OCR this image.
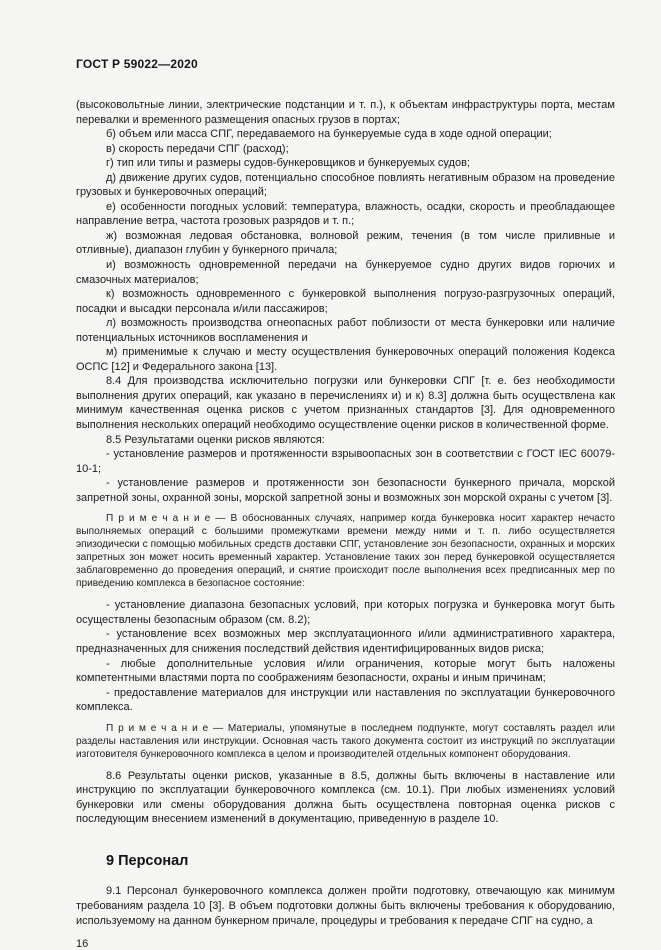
ГОСТ Р 59022—2020

(высоковольтные линии, электрические подстанции и т. п.), к объектам инфраструктуры порта, местам перевалки и временного размещения опасных грузов в портах;

б) объем или масса СПГ, передаваемого на бункеруемые суда в ходе одной операции;

в) скорость передачи СПГ (расход);

г) тип или типы и размеры судов-бункеровщиков и бункеруемых судов;

д) движение других судов, потенциально способное повлиять негативным образом на проведение грузовых и бункеровочных операций;

е) особенности погодных условий: температура, влажность, осадки, скорость и преобладающее направление ветра, частота грозовых разрядов и т. п.;

ж) возможная ледовая обстановка, волновой режим, течения (в том числе приливные и отливные), диапазон глубин у бункерного причала;

и) возможность одновременной передачи на бункеруемое судно других видов горючих и смазочных материалов;

к) возможность одновременного с бункеровкой выполнения погрузо-разгрузочных операций, посадки и высадки персонала и/или пассажиров;

л) возможность производства огнеопасных работ поблизости от места бункеровки или наличие потенциальных источников воспламенения и

м) применимые к случаю и месту осуществления бункеровочных операций положения Кодекса ОСПС [12] и Федерального закона [13].

8.4 Для производства исключительно погрузки или бункеровки СПГ [т. е. без необходимости выполнения других операций, как указано в перечислениях и) и к) 8.3] должна быть осуществлена как минимум качественная оценка рисков с учетом признанных стандартов [3]. Для одновременного выполнения нескольких операций необходимо осуществление оценки рисков в количественной форме.

8.5 Результатами оценки рисков являются:

- установление размеров и протяженности взрывоопасных зон в соответствии с ГОСТ IEC 60079-10-1;

- установление размеров и протяженности зон безопасности бункерного причала, морской запретной зоны, охранной зоны, морской запретной зоны и возможных зон морской охраны с учетом [3].

П р и м е ч а н и е — В обоснованных случаях, например когда бункеровка носит характер нечасто выполняемых операций с большими промежутками времени между ними и т. п. либо осуществляется эпизодически с помощью мобильных средств доставки СПГ, установление зон безопасности, охранных и морских запретных зон может носить временный характер. Установление таких зон перед бункеровкой осуществляется заблаговременно до проведения операций, и снятие происходит после выполнения всех предписанных мер по приведению комплекса в безопасное состояние:

- установление диапазона безопасных условий, при которых погрузка и бункеровка могут быть осуществлены безопасным образом (см. 8.2);

- установление всех возможных мер эксплуатационного и/или административного характера, предназначенных для снижения последствий действия идентифицированных видов риска;

- любые дополнительные условия и/или ограничения, которые могут быть наложены компетентными властями порта по соображениям безопасности, охраны и иным причинам;

- предоставление материалов для инструкции или наставления по эксплуатации бункеровочного комплекса.

П р и м е ч а н и е — Материалы, упомянутые в последнем подпункте, могут составлять раздел или разделы наставления или инструкции. Основная часть такого документа состоит из инструкций по эксплуатации изготовителя бункеровочного комплекса в целом и производителей отдельных компонент оборудования.

8.6 Результаты оценки рисков, указанные в 8.5, должны быть включены в наставление или инструкцию по эксплуатации бункеровочного комплекса (см. 10.1). При любых изменениях условий бункеровки или смены оборудования должна быть осуществлена повторная оценка рисков с последующим внесением изменений в документацию, приведенную в разделе 10.

9 Персонал

9.1 Персонал бункеровочного комплекса должен пройти подготовку, отвечающую как минимум требованиям раздела 10 [3]. В объем подготовки должны быть включены требования к оборудованию, используемому на данном бункерном причале, процедуры и требования к передаче СПГ на судно, а

16
